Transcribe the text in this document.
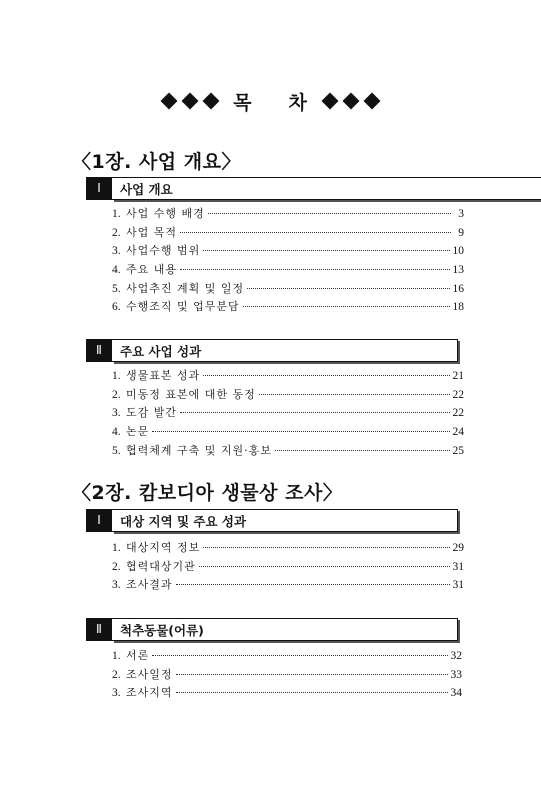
목 차
〈1장. 사업 개요〉
Ⅰ	사업 개요
1. 사업 수행 배경	3
2. 사업 목적	9
3. 사업수행 범위	10
4. 주요 내용	13
5. 사업추진 계획 및 일정	16
6. 수행조직 및 업무분담	18
Ⅱ	주요 사업 성과
1. 생물표본 성과	21
2. 미동정 표본에 대한 동정	22
3. 도감 발간	22
4. 논문	24
5. 협력체계 구축 및 지원·홍보	25
〈2장. 캄보디아 생물상 조사〉
Ⅰ	대상 지역 및 주요 성과
1. 대상지역 정보	29
2. 협력대상기관	31
3. 조사결과	31
Ⅱ	척추동물(어류)
1. 서론	32
2. 조사일정	33
3. 조사지역	34
